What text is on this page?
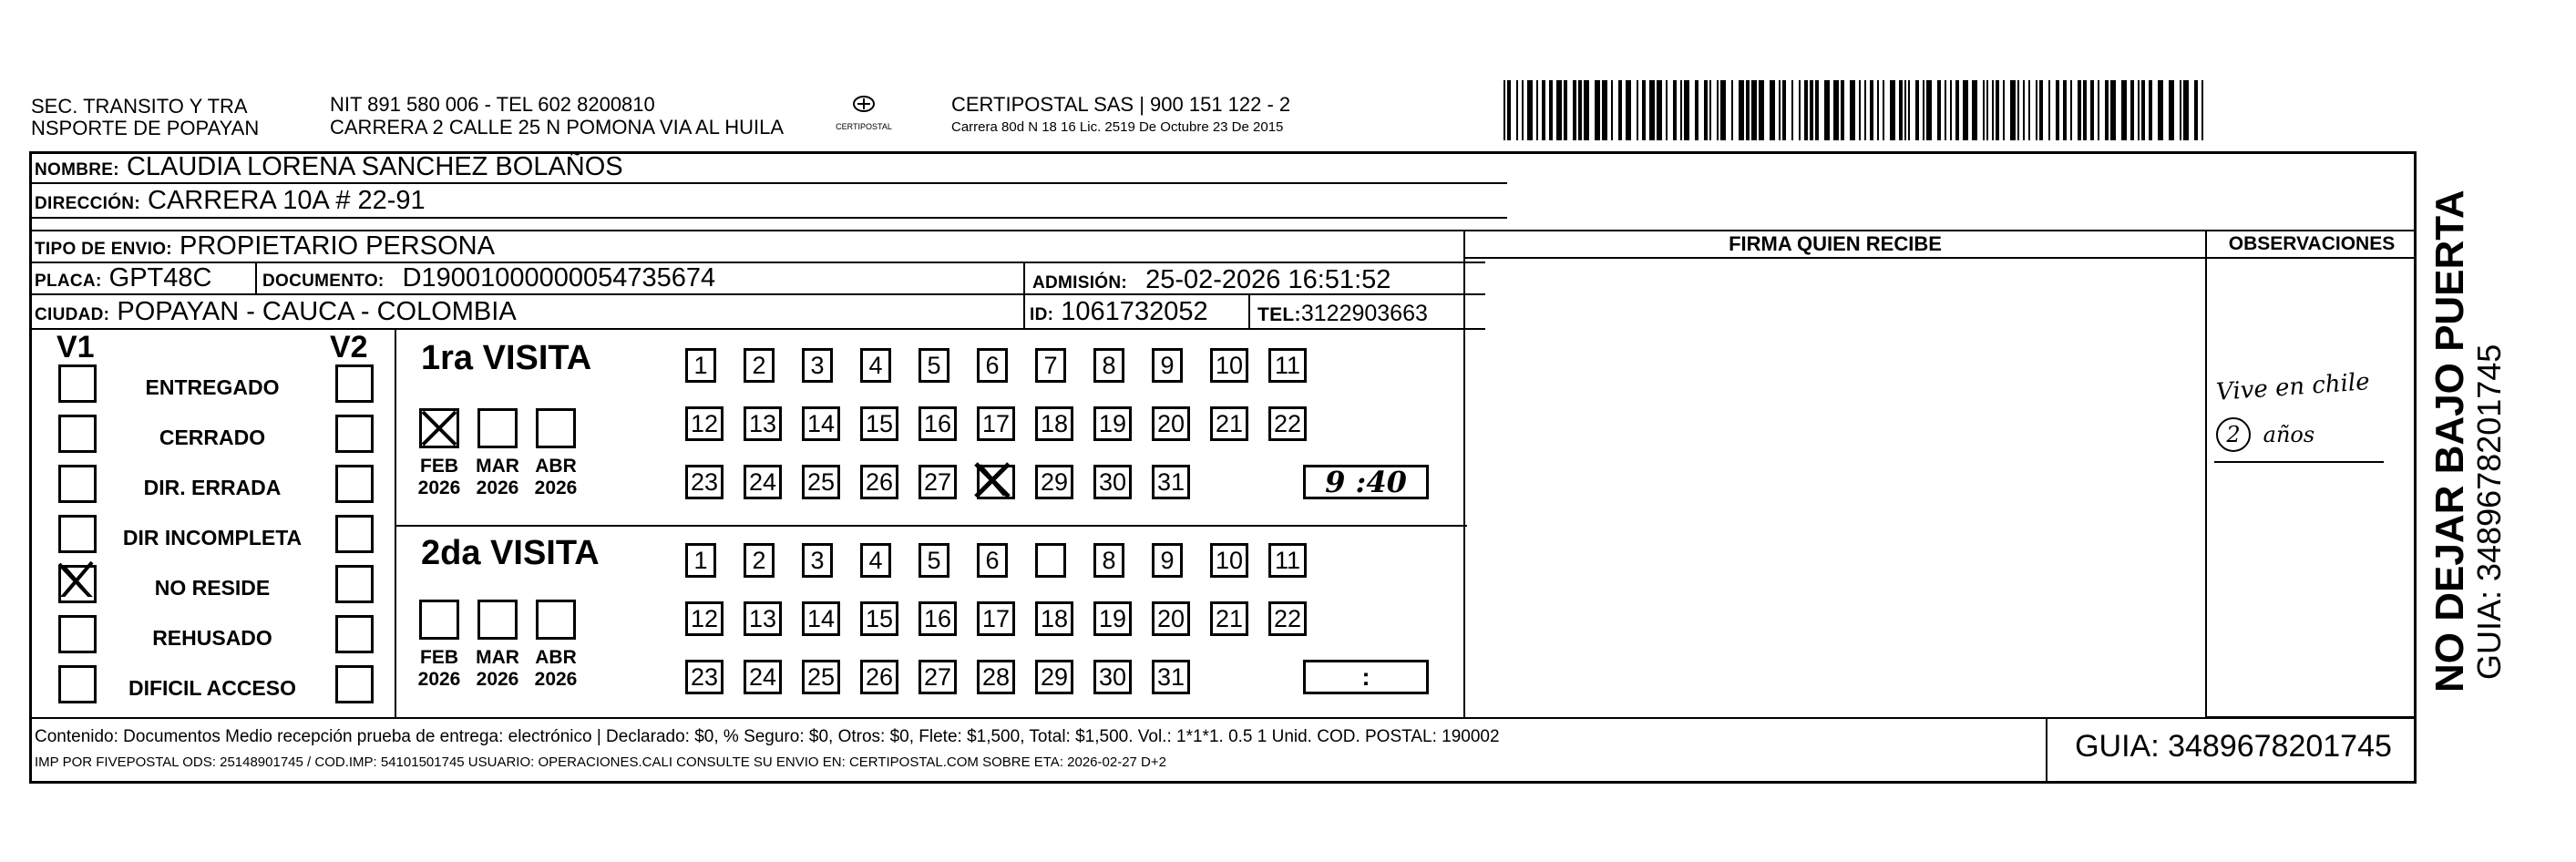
SEC. TRANSITO Y TRA
NSPORTE DE POPAYAN
NIT 891 580 006 - TEL 602 8200810
CARRERA 2 CALLE 25 N POMONA VIA AL HUILA	CERTIPOSTAL
CERTIPOSTAL SAS | 900 151 122 - 2
Carrera 80d N 18 16 Lic. 2519 De Octubre 23 De 2015
NOMBRE: CLAUDIA LORENA SANCHEZ BOLAÑOS
DIRECCIÓN: CARRERA 10A # 22-91
TIPO DE ENVIO: PROPIETARIO PERSONA
PLACA: GPT48C	DOCUMENTO: D19001000000054735674	ADMISIÓN: 25-02-2026 16:51:52
CIUDAD: POPAYAN - CAUCA - COLOMBIA	ID: 1061732052	TEL:3122903663
FIRMA QUIEN RECIBE	OBSERVACIONES
V1	V2 1ra VISITA
2da VISITA
Vive en chile
2 años
Contenido: Documentos Medio recepción prueba de entrega: electrónico | Declarado: $0, % Seguro: $0, Otros: $0, Flete: $1,500, Total: $1,500. Vol.: 1*1*1. 0.5 1 Unid. COD. POSTAL: 190002
IMP POR FIVEPOSTAL ODS: 25148901745 / COD.IMP: 54101501745 USUARIO: OPERACIONES.CALI CONSULTE SU ENVIO EN: CERTIPOSTAL.COM SOBRE ETA: 2026-02-27 D+2	GUIA: 3489678201745
NO DEJAR BAJO PUERTA
GUIA: 3489678201745
ENTREGADO
CERRADO
DIR. ERRADA
DIR INCOMPLETA
NO RESIDE
REHUSADO
DIFICIL ACCESO
FEB
2026
MAR
2026
ABR
2026
FEB
2026
MAR
2026
ABR
2026
1	2	3	4	5	6	7	8	9	10 11
12 13 14 15 16 17 18 19 20 21 22
23 24 25 26 27	29 30 31	9 :40
1	2	3	4	5	6	8	9	10 11
12 13 14 15 16 17 18 19 20 21 22
23 24 25 26 27 28 29 30 31	:
